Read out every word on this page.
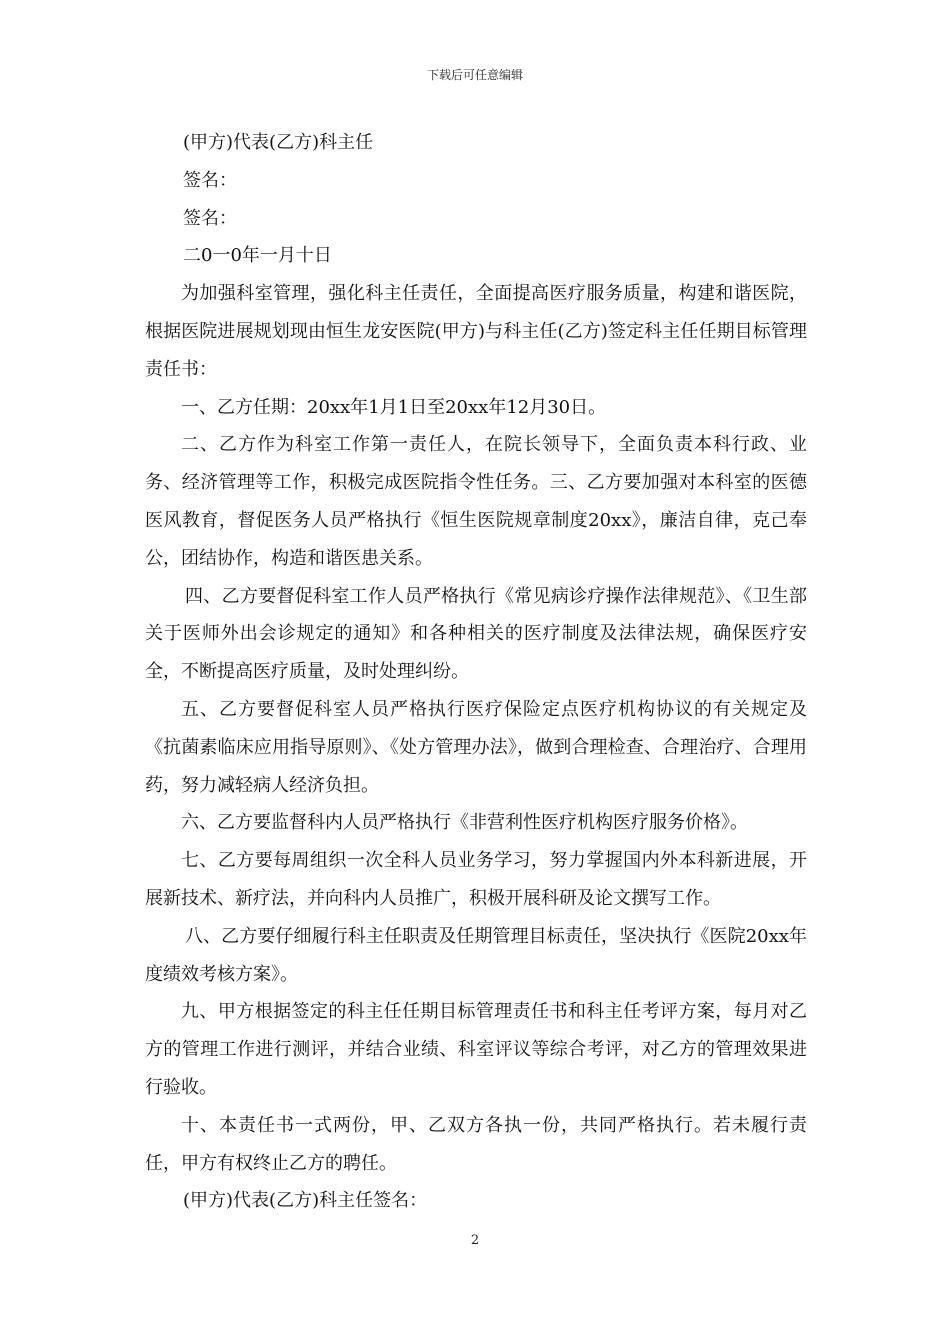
下载后可任意编辑
(甲方)代表(乙方)科主任
签名：
签名：
二0一0年一月十日
为加强科室管理，强化科主任责任，全面提高医疗服务质量，构建和谐医院，根据医院进展规划现由恒生龙安医院(甲方)与科主任(乙方)签定科主任任期目标管理责任书：
一、乙方任期：20xx年1月1日至20xx年12月30日。
二、乙方作为科室工作第一责任人，在院长领导下，全面负责本科行政、业务、经济管理等工作，积极完成医院指令性任务。三、乙方要加强对本科室的医德医风教育，督促医务人员严格执行《恒生医院规章制度20xx》，廉洁自律，克己奉公，团结协作，构造和谐医患关系。
四、乙方要督促科室工作人员严格执行《常见病诊疗操作法律规范》、《卫生部关于医师外出会诊规定的通知》和各种相关的医疗制度及法律法规，确保医疗安全，不断提高医疗质量，及时处理纠纷。
五、乙方要督促科室人员严格执行医疗保险定点医疗机构协议的有关规定及《抗菌素临床应用指导原则》、《处方管理办法》，做到合理检查、合理治疗、合理用药，努力减轻病人经济负担。
六、乙方要监督科内人员严格执行《非营利性医疗机构医疗服务价格》。
七、乙方要每周组织一次全科人员业务学习，努力掌握国内外本科新进展，开展新技术、新疗法，并向科内人员推广，积极开展科研及论文撰写工作。
八、乙方要仔细履行科主任职责及任期管理目标责任，坚决执行《医院20xx年度绩效考核方案》。
九、甲方根据签定的科主任任期目标管理责任书和科主任考评方案，每月对乙方的管理工作进行测评，并结合业绩、科室评议等综合考评，对乙方的管理效果进行验收。
十、本责任书一式两份，甲、乙双方各执一份，共同严格执行。若未履行责任，甲方有权终止乙方的聘任。
(甲方)代表(乙方)科主任签名：
2
